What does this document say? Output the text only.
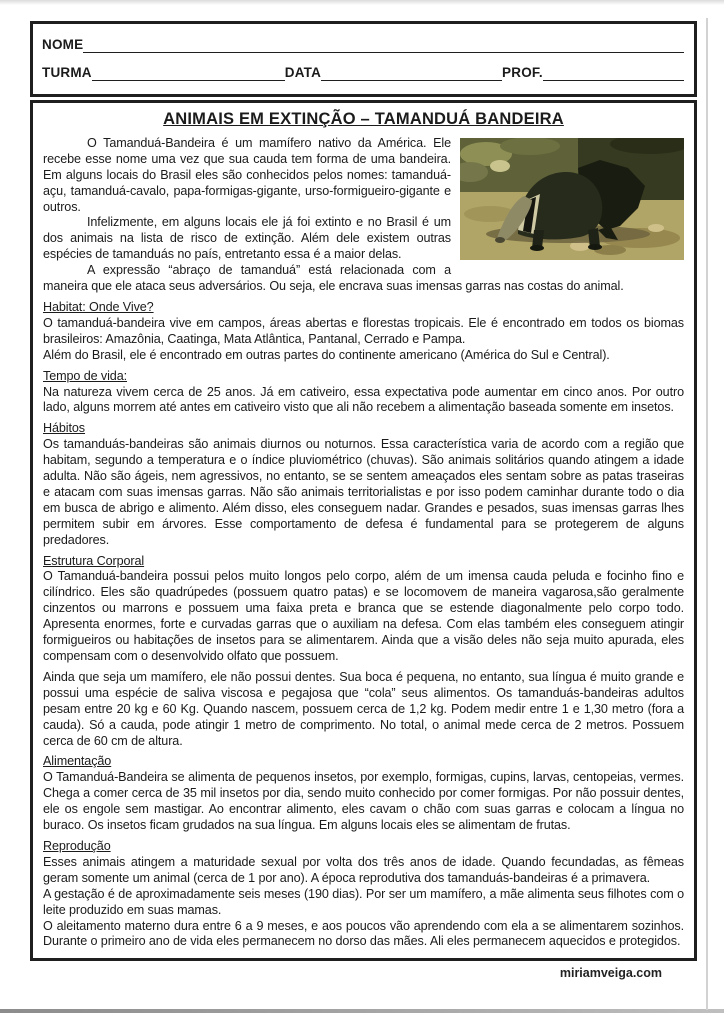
NOME
TURMA	DATA	PROF.
ANIMAIS EM EXTINÇÃO – TAMANDUÁ BANDEIRA

O Tamanduá-Bandeira é um mamífero nativo da América. Ele recebe esse nome uma vez que sua cauda tem forma de uma bandeira. Em alguns locais do Brasil eles são conhecidos pelos nomes: tamanduá-açu, tamanduá-cavalo, papa-formigas-gigante, urso-formigueiro-gigante e outros.

Infelizmente, em alguns locais ele já foi extinto e no Brasil é um dos animais na lista de risco de extinção. Além dele existem outras espécies de tamanduás no país, entretanto essa é a maior delas.

A expressão “abraço de tamanduá” está relacionada com a maneira que ele ataca seus adversários. Ou seja, ele encrava suas imensas garras nas costas do animal.

Habitat: Onde Vive?

O tamanduá-bandeira vive em campos, áreas abertas e florestas tropicais. Ele é encontrado em todos os biomas brasileiros: Amazônia, Caatinga, Mata Atlântica, Pantanal, Cerrado e Pampa.

Além do Brasil, ele é encontrado em outras partes do continente americano (América do Sul e Central).

Tempo de vida:

Na natureza vivem cerca de 25 anos. Já em cativeiro, essa expectativa pode aumentar em cinco anos. Por outro lado, alguns morrem até antes em cativeiro visto que ali não recebem a alimentação baseada somente em insetos.

Hábitos

Os tamanduás-bandeiras são animais diurnos ou noturnos. Essa característica varia de acordo com a região que habitam, segundo a temperatura e o índice pluviométrico (chuvas). São animais solitários quando atingem a idade adulta. Não são ágeis, nem agressivos, no entanto, se se sentem ameaçados eles sentam sobre as patas traseiras e atacam com suas imensas garras. Não são animais territorialistas e por isso podem caminhar durante todo o dia em busca de abrigo e alimento. Além disso, eles conseguem nadar. Grandes e pesados, suas imensas garras lhes permitem subir em árvores. Esse comportamento de defesa é fundamental para se protegerem de alguns predadores.

Estrutura Corporal

O Tamanduá-bandeira possui pelos muito longos pelo corpo, além de um imensa cauda peluda e focinho fino e cilíndrico. Eles são quadrúpedes (possuem quatro patas) e se locomovem de maneira vagarosa,são geralmente cinzentos ou marrons e possuem uma faixa preta e branca que se estende diagonalmente pelo corpo todo. Apresenta enormes, forte e curvadas garras que o auxiliam na defesa. Com elas também eles conseguem atingir formigueiros ou habitações de insetos para se alimentarem. Ainda que a visão deles não seja muito apurada, eles compensam com o desenvolvido olfato que possuem.

Ainda que seja um mamífero, ele não possui dentes. Sua boca é pequena, no entanto, sua língua é muito grande e possui uma espécie de saliva viscosa e pegajosa que “cola” seus alimentos. Os tamanduás-bandeiras adultos pesam entre 20 kg e 60 Kg. Quando nascem, possuem cerca de 1,2 kg. Podem medir entre 1 e 1,30 metro (fora a cauda). Só a cauda, pode atingir 1 metro de comprimento. No total, o animal mede cerca de 2 metros. Possuem cerca de 60 cm de altura.

Alimentação

O Tamanduá-Bandeira se alimenta de pequenos insetos, por exemplo, formigas, cupins, larvas, centopeias, vermes. Chega a comer cerca de 35 mil insetos por dia, sendo muito conhecido por comer formigas. Por não possuir dentes, ele os engole sem mastigar. Ao encontrar alimento, eles cavam o chão com suas garras e colocam a língua no buraco. Os insetos ficam grudados na sua língua. Em alguns locais eles se alimentam de frutas.

Reprodução

Esses animais atingem a maturidade sexual por volta dos três anos de idade. Quando fecundadas, as fêmeas geram somente um animal (cerca de 1 por ano). A época reprodutiva dos tamanduás-bandeiras é a primavera.

A gestação é de aproximadamente seis meses (190 dias). Por ser um mamífero, a mãe alimenta seus filhotes com o leite produzido em suas mamas.

O aleitamento materno dura entre 6 a 9 meses, e aos poucos vão aprendendo com ela a se alimentarem sozinhos. Durante o primeiro ano de vida eles permanecem no dorso das mães. Ali eles permanecem aquecidos e protegidos.

miriamveiga.com
